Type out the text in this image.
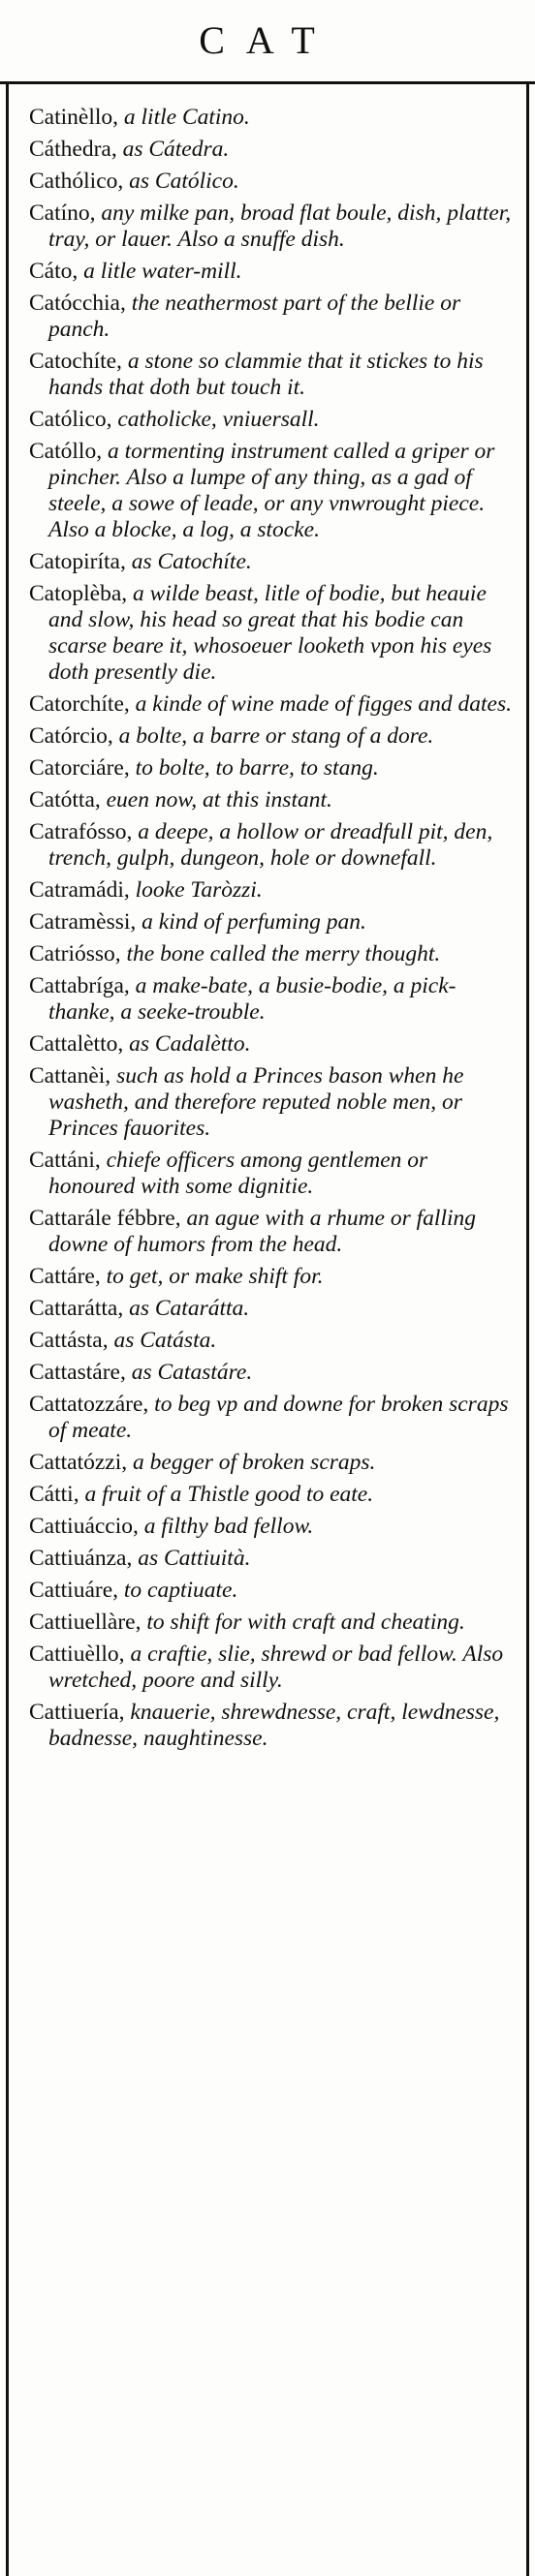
CAT
Catinèllo, a litle Catino.
Cáthedra, as Cátedra.
Cathólico, as Católico.
Catíno, any milke pan, broad flat boule, dish, platter, tray, or lauer. Also a snuffe dish.
Cáto, a litle water-mill.
Catócchia, the neathermost part of the bellie or panch.
Catochíte, a stone so clammie that it stickes to his hands that doth but touch it.
Católico, catholicke, vniuersall.
Católlo, a tormenting instrument called a griper or pincher. Also a lumpe of any thing, as a gad of steele, a sowe of leade, or any vnwrought piece. Also a blocke, a log, a stocke.
Catopiríta, as Catochíte.
Catoplèba, a wilde beast, litle of bodie, but heauie and slow, his head so great that his bodie can scarse beare it, whosoeuer looketh vpon his eyes doth presently die.
Catorchíte, a kinde of wine made of figges and dates.
Catórcio, a bolte, a barre or stang of a dore.
Catorciáre, to bolte, to barre, to stang.
Catótta, euen now, at this instant.
Catrafósso, a deepe, a hollow or dreadfull pit, den, trench, gulph, dungeon, hole or downefall.
Catramádi, looke Taròzzi.
Catramèssi, a kind of perfuming pan.
Catriósso, the bone called the merry thought.
Cattabríga, a make-bate, a busie-bodie, a pick-thanke, a seeke-trouble.
Cattalètto, as Cadalètto.
Cattanèi, such as hold a Princes bason when he washeth, and therefore reputed noble men, or Princes fauorites.
Cattáni, chiefe officers among gentlemen or honoured with some dignitie.
Cattarále fébbre, an ague with a rhume or falling downe of humors from the head.
Cattáre, to get, or make shift for.
Cattarátta, as Catarátta.
Cattásta, as Catásta.
Cattastáre, as Catastáre.
Cattatozzáre, to beg vp and downe for broken scraps of meate.
Cattatózzi, a begger of broken scraps.
Cátti, a fruit of a Thistle good to eate.
Cattiuáccio, a filthy bad fellow.
Cattiuánza, as Cattiuità.
Cattiuáre, to captiuate.
Cattiuellàre, to shift for with craft and cheating.
Cattiuèllo, a craftie, slie, shrewd or bad fellow. Also wretched, poore and silly.
Cattiuería, knauerie, shrewdnesse, craft, lewdnesse, badnesse, naughtinesse.
